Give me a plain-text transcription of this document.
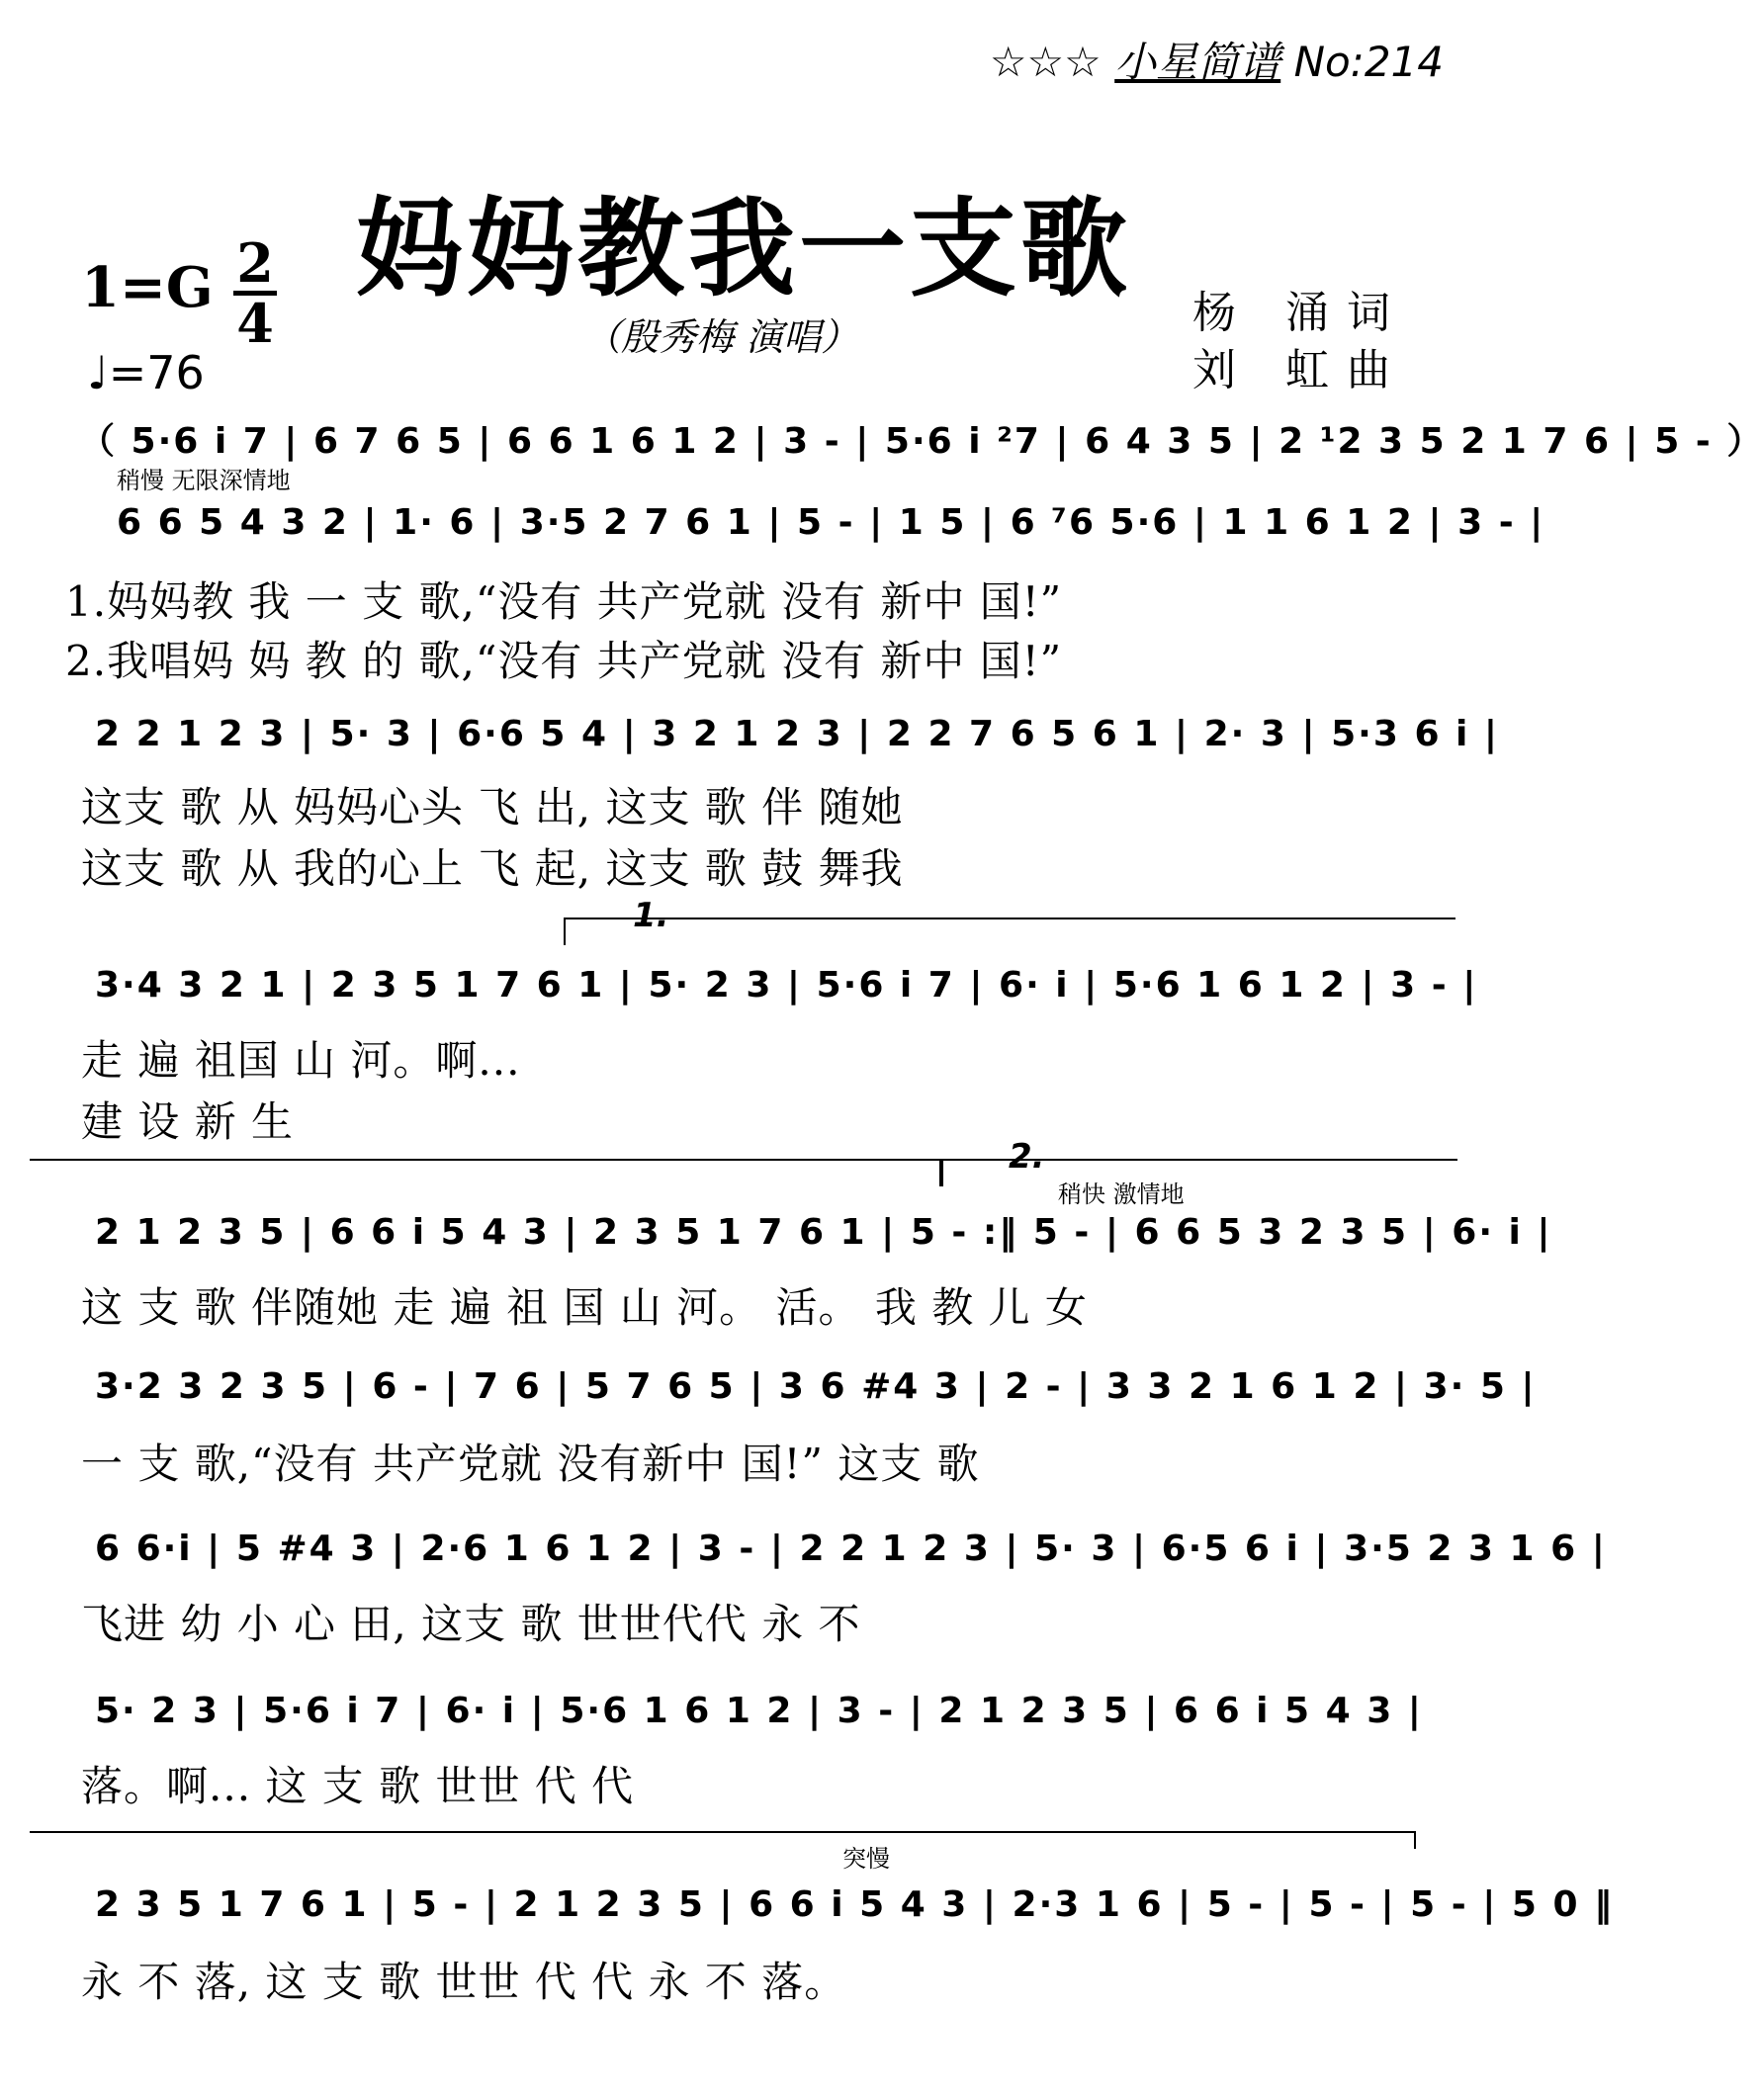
☆☆☆ 小星简谱 No:214
妈妈教我一支歌
（殷秀梅 演唱）
1=G 2
4
♩=76
杨 涌词
刘 虹曲
（ 5·6 i 7 | 6 7 6 5 | 6 6 1 6 1 2 | 3 - | 5·6 i ²7 | 6 4 3 5 | 2 ¹2 3 5 2 1 7 6 | 5 - ）
稍慢 无限深情地
6 6 5 4 3 2 | 1· 6 | 3·5 2 7 6 1 | 5 - | 1 5 | 6 ⁷6 5·6 | 1 1 6 1 2 | 3 - |
1.妈妈教 我 一 支 歌,“没有 共产党就 没有 新中 国!”
2.我唱妈 妈 教 的 歌,“没有 共产党就 没有 新中 国!”
2 2 1 2 3 | 5· 3 | 6·6 5 4 | 3 2 1 2 3 | 2 2 7 6 5 6 1 | 2· 3 | 5·3 6 i |
这支 歌 从 妈妈心头 飞 出, 这支 歌 伴 随她
这支 歌 从 我的心上 飞 起, 这支 歌 鼓 舞我
1.
3·4 3 2 1 | 2 3 5 1 7 6 1 | 5· 2 3 | 5·6 i 7 | 6· i | 5·6 1 6 1 2 | 3 - |
走 遍 祖国 山 河。啊...
建 设 新 生
2.
稍快 激情地
2 1 2 3 5 | 6 6 i 5 4 3 | 2 3 5 1 7 6 1 | 5 - :‖ 5 - | 6 6 5 3 2 3 5 | 6· i |
这 支 歌 伴随她 走 遍 祖 国 山 河。 活。 我 教 儿 女
3·2 3 2 3 5 | 6 - | 7 6 | 5 7 6 5 | 3 6 #4 3 | 2 - | 3 3 2 1 6 1 2 | 3· 5 |
一 支 歌,“没有 共产党就 没有新中 国!” 这支 歌
6 6·i | 5 #4 3 | 2·6 1 6 1 2 | 3 - | 2 2 1 2 3 | 5· 3 | 6·5 6 i | 3·5 2 3 1 6 |
飞进 幼 小 心 田, 这支 歌 世世代代 永 不
5· 2 3 | 5·6 i 7 | 6· i | 5·6 1 6 1 2 | 3 - | 2 1 2 3 5 | 6 6 i 5 4 3 |
落。啊... 这 支 歌 世世 代 代
突慢
2 3 5 1 7 6 1 | 5 - | 2 1 2 3 5 | 6 6 i 5 4 3 | 2·3 1 6 | 5 - | 5 - | 5 - | 5 0 ‖
永 不 落, 这 支 歌 世世 代 代 永 不 落。
